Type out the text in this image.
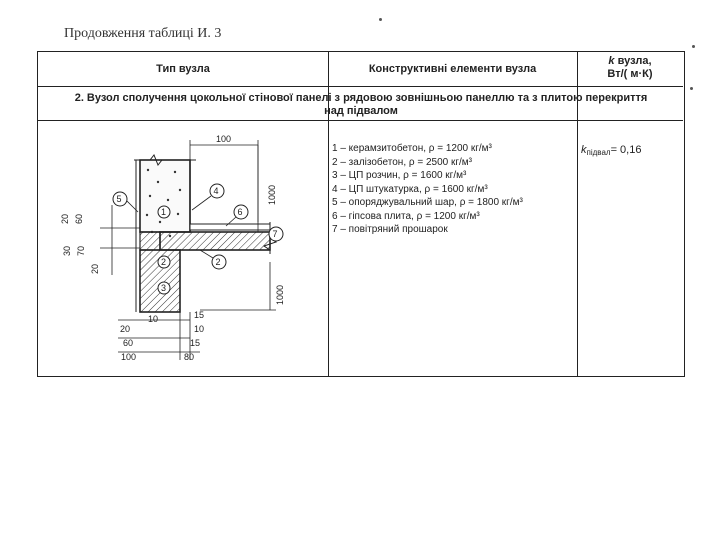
Продовження таблиці И. 3
Тип вузла	Конструктивні елементи вузла
k вузла,
Вт/( м·К)
2. Вузол сполучення цокольної стінової панелі з рядовою зовнішньою панеллю та з плитою перекриття
над підвалом
1 – керамзитобетон, ρ = 1200 кг/м³
2 – залізобетон, ρ = 2500 кг/м³
3 – ЦП розчин, ρ = 1600 кг/м³
4 – ЦП штукатурка, ρ = 1600 кг/м³
5 – опоряджувальний шар, ρ = 1800 кг/м³
6 – гіпсова плита, ρ = 1200 кг/м³
7 – повітряний прошарок
$k_{підвал}= 0,16$
5
1
4
6
7
2
3
2
100
1000
1000
20 60
30 70
20
10
20
60
100
15
10
15
80
